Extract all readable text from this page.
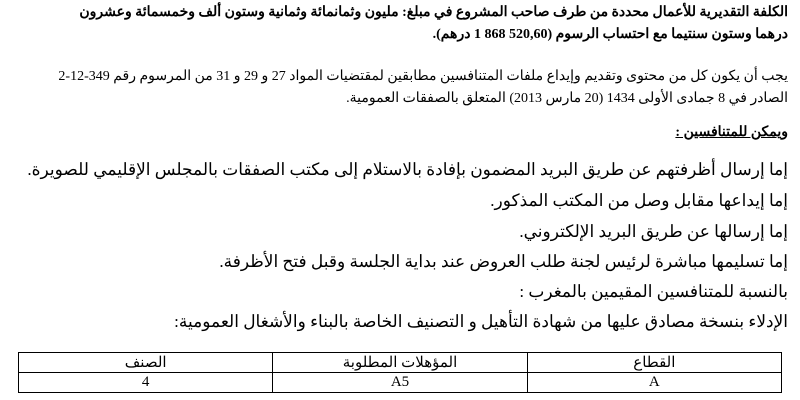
الكلفة التقديرية للأعمال محددة من طرف صاحب المشروع في مبلغ: مليون وثمانمائة وثمانية وستون ألف وخمسمائة وعشرون
درهما وستون سنتيما مع احتساب الرسوم (520,60 868 1 درهم).
يجب أن يكون كل من محتوى وتقديم وإيداع ملفات المتنافسين مطابقين لمقتضيات المواد 27 و 29 و 31 من المرسوم رقم 349-12-2
الصادر في 8 جمادى الأولى 1434 (20 مارس 2013) المتعلق بالصفقات العمومية.
ويمكن للمتنافسين :
إما إرسال أظرفتهم عن طريق البريد المضمون بإفادة بالاستلام إلى مكتب الصفقات بالمجلس الإقليمي للصويرة.
إما إيداعها مقابل وصل من المكتب المذكور.
إما إرسالها عن طريق البريد الإلكتروني.
إما تسليمها مباشرة لرئيس لجنة طلب العروض عند بداية الجلسة وقبل فتح الأظرفة.
بالنسبة للمتنافسين المقيمين بالمغرب :
الإدلاء بنسخة مصادق عليها من شهادة التأهيل و التصنيف الخاصة بالبناء والأشغال العمومية:
القطاع	المؤهلات المطلوبة	الصنف
A	A5	4
